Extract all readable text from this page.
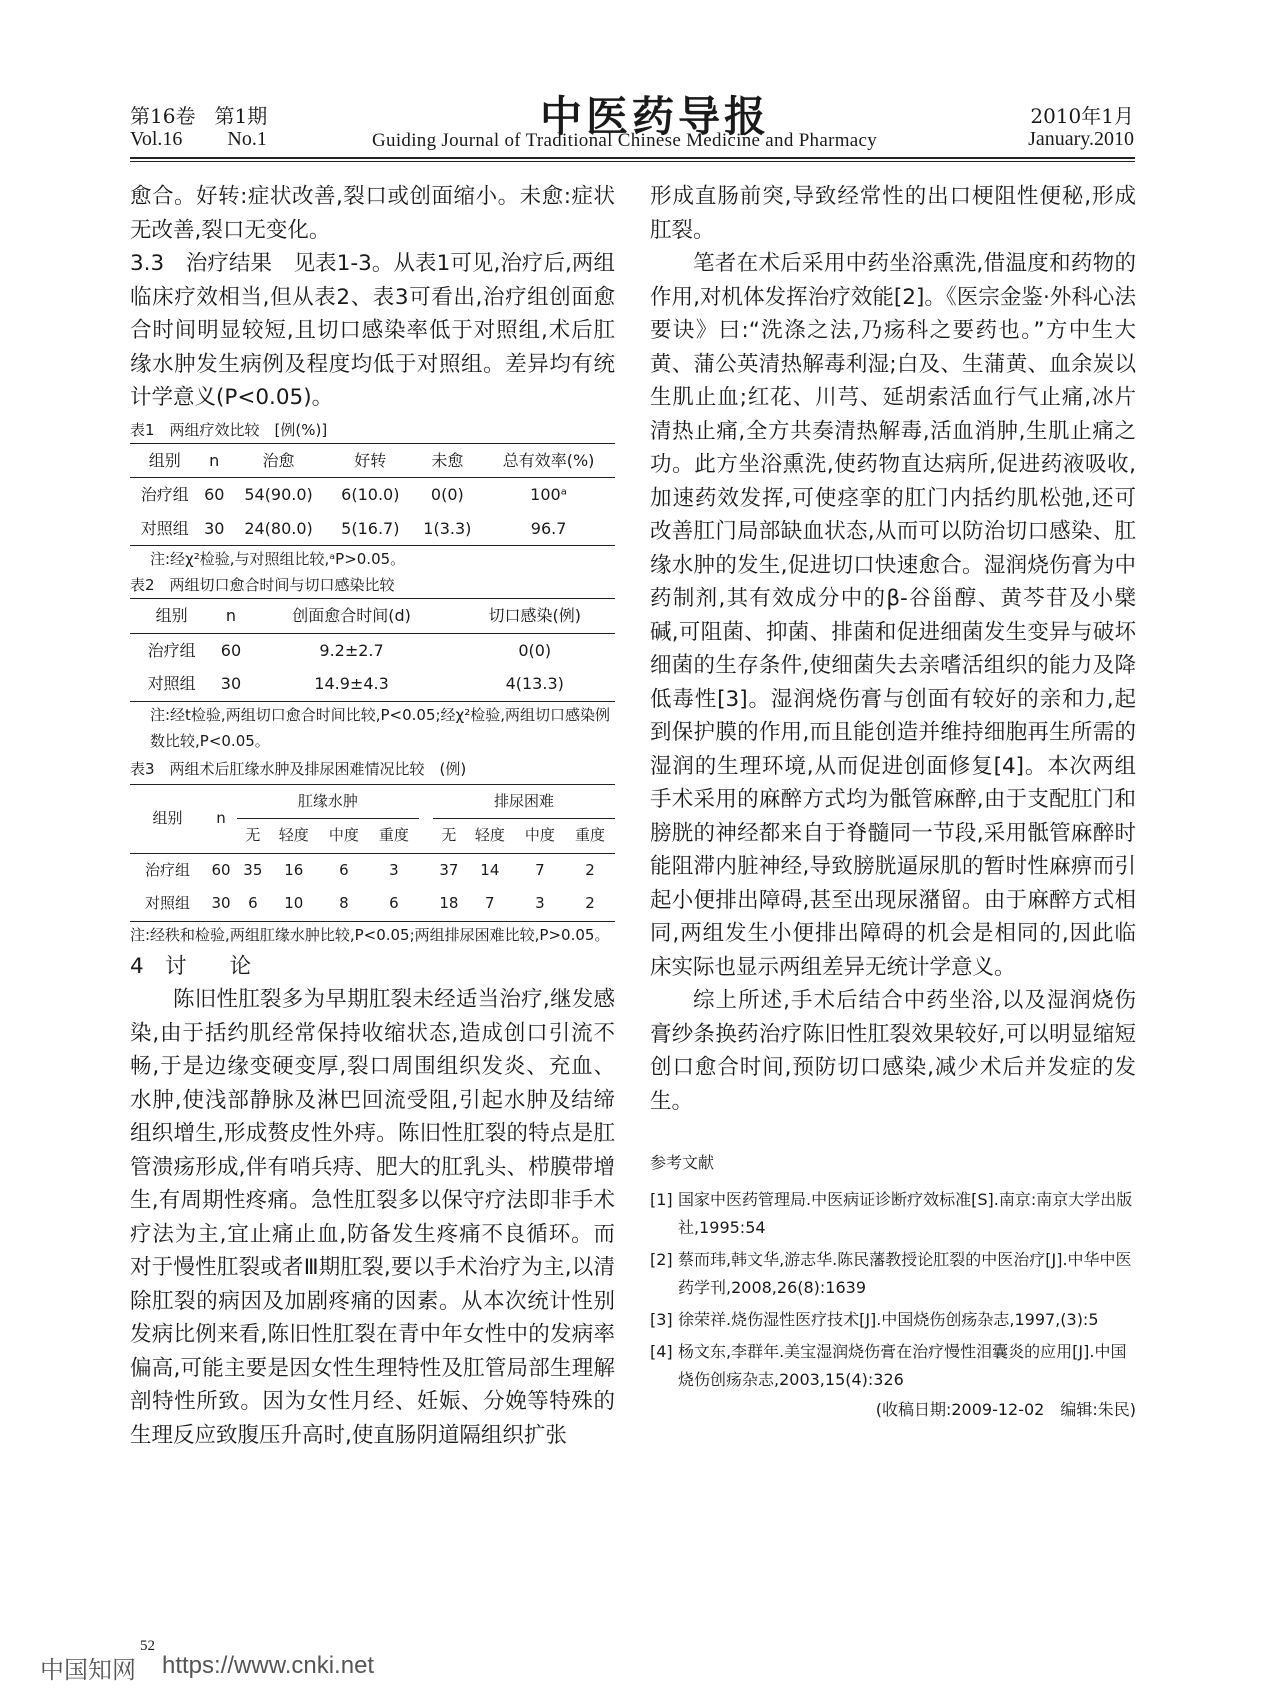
第16卷 第1期
Vol.16 No.1	中医药导报
Guiding Journal of Traditional Chinese Medicine and Pharmacy
2010年1月
January.2010

愈合。好转:症状改善,裂口或创面缩小。未愈:症状无改善,裂口无变化。

3.3　治疗结果　见表1-3。从表1可见,治疗后,两组临床疗效相当,但从表2、表3可看出,治疗组创面愈合时间明显较短,且切口感染率低于对照组,术后肛缘水肿发生病例及程度均低于对照组。差异均有统计学意义(P<0.05)。

表1　两组疗效比较　[例(%)]

组别	n	治愈	好转	未愈	总有效率(%)
治疗组	60	54(90.0)	6(10.0)	0(0)	100ᵃ
对照组	30	24(80.0)	5(16.7)	1(3.3)	96.7
注:经χ²检验,与对照组比较,ᵃP>0.05。

表2　两组切口愈合时间与切口感染比较

组别	n	创面愈合时间(d)	切口感染(例)
治疗组	60	9.2±2.7	0(0)
对照组	30	14.9±4.3	4(13.3)
注:经t检验,两组切口愈合时间比较,P<0.05;经χ²检验,两组切口感染例数比较,P<0.05。

表3　两组术后肛缘水肿及排尿困难情况比较　(例)

组别	n	肛缘水肿					排尿困难			
		无	轻度	中度	重度		无	轻度	中度	重度
治疗组	60	35	16	6	3		37	14	7	2
对照组	30	6	10	8	6		18	7	3	2
注:经秩和检验,两组肛缘水肿比较,P<0.05;两组排尿困难比较,P>0.05。

4　讨　　论

陈旧性肛裂多为早期肛裂未经适当治疗,继发感染,由于括约肌经常保持收缩状态,造成创口引流不畅,于是边缘变硬变厚,裂口周围组织发炎、充血、水肿,使浅部静脉及淋巴回流受阻,引起水肿及结缔组织增生,形成赘皮性外痔。陈旧性肛裂的特点是肛管溃疡形成,伴有哨兵痔、肥大的肛乳头、栉膜带增生,有周期性疼痛。急性肛裂多以保守疗法即非手术疗法为主,宜止痛止血,防备发生疼痛不良循环。而对于慢性肛裂或者Ⅲ期肛裂,要以手术治疗为主,以清除肛裂的病因及加剧疼痛的因素。从本次统计性别发病比例来看,陈旧性肛裂在青中年女性中的发病率偏高,可能主要是因女性生理特性及肛管局部生理解剖特性所致。因为女性月经、妊娠、分娩等特殊的生理反应致腹压升高时,使直肠阴道隔组织扩张

形成直肠前突,导致经常性的出口梗阻性便秘,形成肛裂。

笔者在术后采用中药坐浴熏洗,借温度和药物的作用,对机体发挥治疗效能[2]。《医宗金鉴·外科心法要诀》曰:“洗涤之法,乃疡科之要药也。”方中生大黄、蒲公英清热解毒利湿;白及、生蒲黄、血余炭以生肌止血;红花、川芎、延胡索活血行气止痛,冰片清热止痛,全方共奏清热解毒,活血消肿,生肌止痛之功。此方坐浴熏洗,使药物直达病所,促进药液吸收,加速药效发挥,可使痉挛的肛门内括约肌松弛,还可改善肛门局部缺血状态,从而可以防治切口感染、肛缘水肿的发生,促进切口快速愈合。湿润烧伤膏为中药制剂,其有效成分中的β-谷甾醇、黄芩苷及小檗碱,可阻菌、抑菌、排菌和促进细菌发生变异与破坏细菌的生存条件,使细菌失去亲嗜活组织的能力及降低毒性[3]。湿润烧伤膏与创面有较好的亲和力,起到保护膜的作用,而且能创造并维持细胞再生所需的湿润的生理环境,从而促进创面修复[4]。本次两组手术采用的麻醉方式均为骶管麻醉,由于支配肛门和膀胱的神经都来自于脊髓同一节段,采用骶管麻醉时能阻滞内脏神经,导致膀胱逼尿肌的暂时性麻痹而引起小便排出障碍,甚至出现尿潴留。由于麻醉方式相同,两组发生小便排出障碍的机会是相同的,因此临床实际也显示两组差异无统计学意义。

综上所述,手术后结合中药坐浴,以及湿润烧伤膏纱条换药治疗陈旧性肛裂效果较好,可以明显缩短创口愈合时间,预防切口感染,减少术后并发症的发生。

参考文献
[1] 国家中医药管理局.中医病证诊断疗效标准[S].南京:南京大学出版社,1995:54
[2] 蔡而玮,韩文华,游志华.陈民藩教授论肛裂的中医治疗[J].中华中医药学刊,2008,26(8):1639
[3] 徐荣祥.烧伤湿性医疗技术[J].中国烧伤创疡杂志,1997,(3):5
[4] 杨文东,李群年.美宝湿润烧伤膏在治疗慢性泪囊炎的应用[J].中国烧伤创疡杂志,2003,15(4):326
(收稿日期:2009-12-02　编辑:朱民)
52
中国知网 https://www.cnki.net
